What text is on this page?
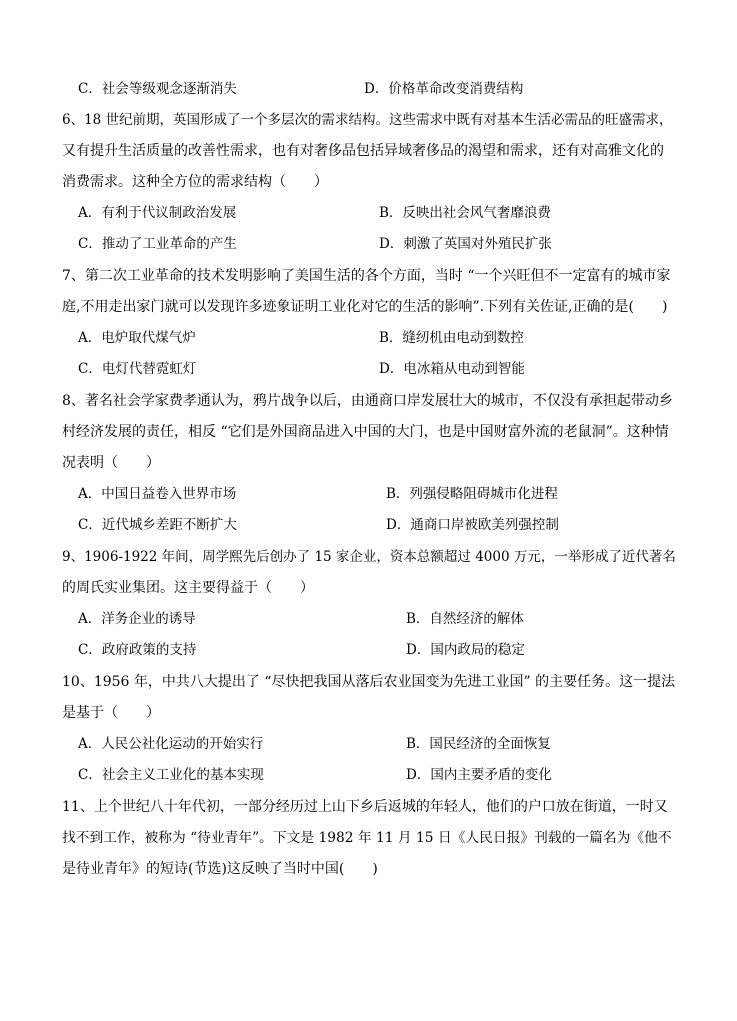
C．社会等级观念逐渐消失	D．价格革命改变消费结构
6、18 世纪前期，英国形成了一个多层次的需求结构。这些需求中既有对基本生活必需品的旺盛需求，
又有提升生活质量的改善性需求，也有对奢侈品包括异域奢侈品的渴望和需求，还有对高雅文化的
消费需求。这种全方位的需求结构（　　）
A．有利于代议制政治发展	B．反映出社会风气奢靡浪费
C．推动了工业革命的产生	D．刺激了英国对外殖民扩张
7、第二次工业革命的技术发明影响了美国生活的各个方面，当时 “一个兴旺但不一定富有的城市家
庭,不用走出家门就可以发现许多迹象证明工业化对它的生活的影响”.下列有关佐证,正确的是(　　)
A．电炉取代煤气炉	B．缝纫机由电动到数控
C．电灯代替霓虹灯	D．电冰箱从电动到智能
8、著名社会学家费孝通认为，鸦片战争以后，由通商口岸发展壮大的城市，不仅没有承担起带动乡
村经济发展的责任，相反 “它们是外国商品进入中国的大门，也是中国财富外流的老鼠洞”。这种情
况表明（　　）
A．中国日益卷入世界市场	B．列强侵略阻碍城市化进程
C．近代城乡差距不断扩大	D．通商口岸被欧美列强控制
9、1906-1922 年间，周学熙先后创办了 15 家企业，资本总额超过 4000 万元，一举形成了近代著名
的周氏实业集团。这主要得益于（　　）
A．洋务企业的诱导	B．自然经济的解体
C．政府政策的支持	D．国内政局的稳定
10、1956 年，中共八大提出了 “尽快把我国从落后农业国变为先进工业国” 的主要任务。这一提法
是基于（　　）
A．人民公社化运动的开始实行	B．国民经济的全面恢复
C．社会主义工业化的基本实现	D．国内主要矛盾的变化
11、上个世纪八十年代初，一部分经历过上山下乡后返城的年轻人，他们的户口放在街道，一时又
找不到工作，被称为 “待业青年”。下文是 1982 年 11 月 15 日《人民日报》刊载的一篇名为《他不
是待业青年》的短诗(节选)这反映了当时中国(　　)
